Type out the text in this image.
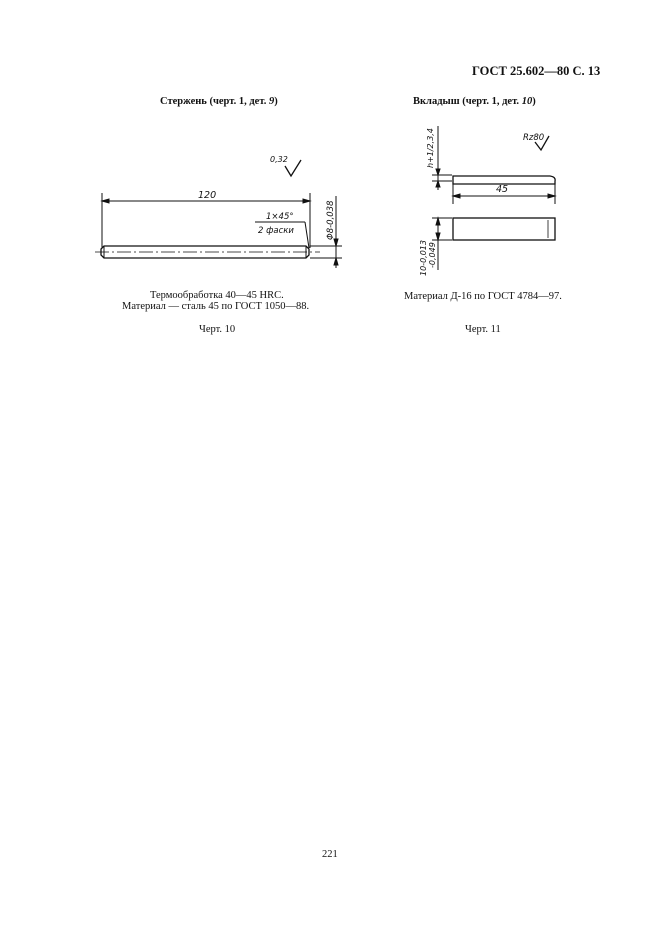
ГОСТ 25.602—80 С. 13
Стержень (черт. 1, дет. 9)	Вкладыш (черт. 1, дет. 10)
0,32
120
1×45°
2 фаски	Φ8-0,038
Rz80
h+1/2,3,4
45
10-0,013 -0,049
Термообработка 40—45 HRC.
Материал — сталь 45 по ГОСТ 1050—88.
Черт. 10
Материал Д-16 по ГОСТ 4784—97.
Черт. 11
221
